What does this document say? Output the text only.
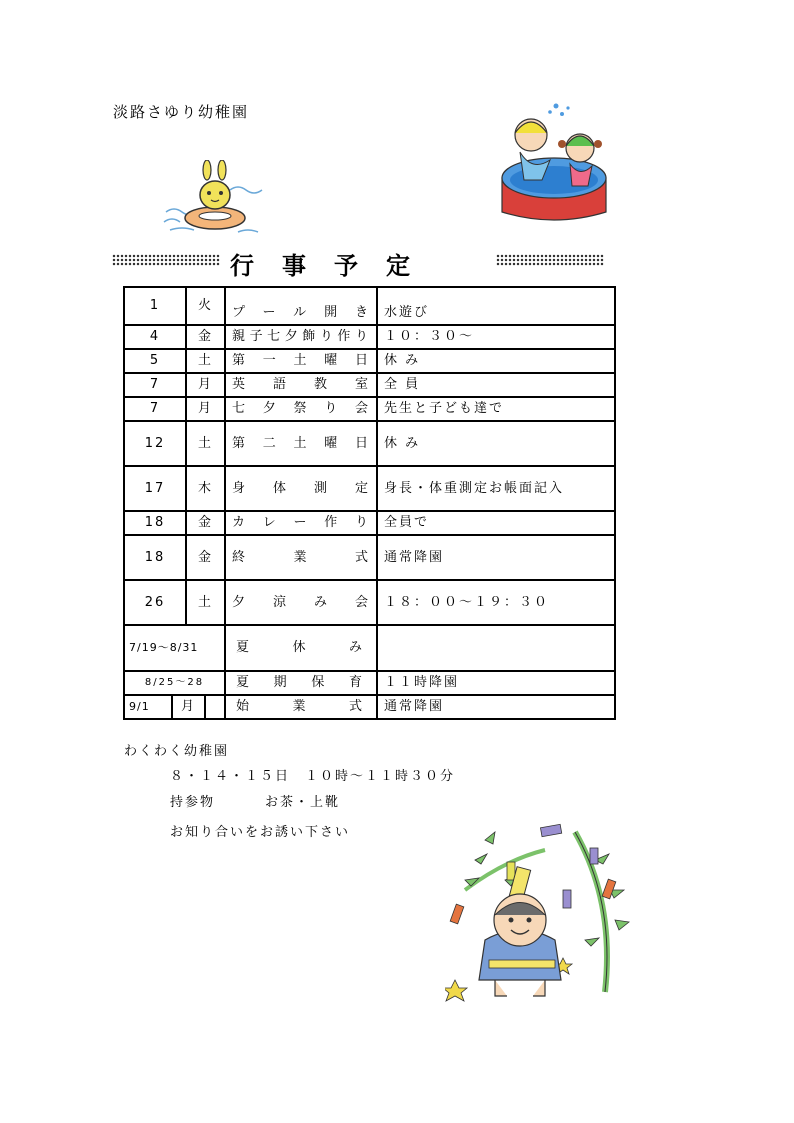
淡路さゆり幼稚園
行事予定
1		火		プール開き	水遊び
4		金		親子七夕飾り作り	１０：３０～
5		土		第一土曜日	休 み
7		月		英語教室	全 員
7		月		七夕祭り会	先生と子ども達で
12		土		第二土曜日	休 み
17		木		身体測定	身長・体重測定お帳面記入
18		金		カレー作り	全員で
18		金		終業式	通常降園
26		土		夕涼み会	１８：００～１９：３０
7/19～8/31				夏休み	
8/25～28				夏期保育	１１時降園
9/1	月			始業式	通常降園
わくわく幼稚園
８・１４・１５日　１０時～１１時３０分
持参物	お茶・上靴
お知り合いをお誘い下さい
